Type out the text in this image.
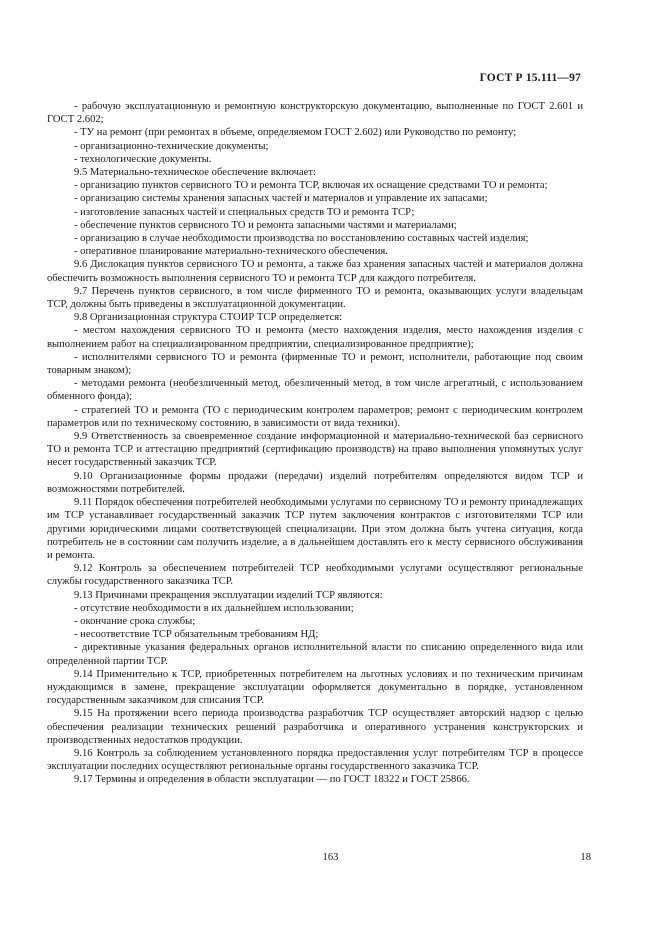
ГОСТ Р 15.111—97

- рабочую эксплуатационную и ремонтную конструкторскую документацию, выполненные по ГОСТ 2.601 и ГОСТ 2.602;

- ТУ на ремонт (при ремонтах в объеме, определяемом ГОСТ 2.602) или Руководство по ремонту;

- организационно-технические документы;

- технологические документы.

9.5 Материально-техническое обеспечение включает:

- организацию пунктов сервисного ТО и ремонта ТСР, включая их оснащение средствами ТО и ремонта;

- организацию системы хранения запасных частей и материалов и управление их запасами;

- изготовление запасных частей и специальных средств ТО и ремонта ТСР;

- обеспечение пунктов сервисного ТО и ремонта запасными частями и материалами;

- организацию в случае необходимости производства по восстановлению составных частей изделия;

- оперативное планирование материально-технического обеспечения.

9.6 Дислокация пунктов сервисного ТО и ремонта, а также баз хранения запасных частей и материалов должна обеспечить возможность выполнения сервисного ТО и ремонта ТСР для каждого потребителя.

9.7 Перечень пунктов сервисного, в том числе фирменного ТО и ремонта, оказывающих услуги владельцам ТСР, должны быть приведены в эксплуатационной документации.

9.8 Организационная структура СТОИР ТСР определяется:

- местом нахождения сервисного ТО и ремонта (место нахождения изделия, место нахождения изделия с выполнением работ на специализированном предприятии, специализированное предприятие);

- исполнителями сервисного ТО и ремонта (фирменные ТО и ремонт, исполнители, работающие под своим товарным знаком);

- методами ремонта (необезличенный метод, обезличенный метод, в том числе агрегатный, с использованием обменного фонда);

- стратегией ТО и ремонта (ТО с периодическим контролем параметров; ремонт с периодическим контролем параметров или по техническому состоянию, в зависимости от вида техники).

9.9 Ответственность за своевременное создание информационной и материально-технической баз сервисного ТО и ремонта ТСР и аттестацию предприятий (сертификацию производств) на право выполнения упомянутых услуг несет государственный заказчик ТСР.

9.10 Организационные формы продажи (передачи) изделий потребителям определяются видом ТСР и возможностями потребителей.

9.11 Порядок обеспечения потребителей необходимыми услугами по сервисному ТО и ремонту принадлежащих им ТСР устанавливает государственный заказчик ТСР путем заключения контрактов с изготовителями ТСР или другими юридическими лицами соответствующей специализации. При этом должна быть учтена ситуация, когда потребитель не в состоянии сам получить изделие, а в дальнейшем доставлять его к месту сервисного обслуживания и ремонта.

9.12 Контроль за обеспечением потребителей ТСР необходимыми услугами осуществляют региональные службы государственного заказчика ТСР.

9.13 Причинами прекращения эксплуатации изделий ТСР являются:

- отсутствие необходимости в их дальнейшем использовании;

- окончание срока службы;

- несоответствие ТСР обязательным требованиям НД;

- директивные указания федеральных органов исполнительной власти по списанию определенного вида или определенной партии ТСР.

9.14 Применительно к ТСР, приобретенных потребителем на льготных условиях и по техническим причинам нуждающимся в замене, прекращение эксплуатации оформляется документально в порядке, установленном государственным заказчиком для списания ТСР.

9.15 На протяжении всего периода производства разработчик ТСР осуществляет авторский надзор с целью обеспечения реализации технических решений разработчика и оперативного устранения конструкторских и производственных недостатков продукции.

9.16 Контроль за соблюдением установленного порядка предоставления услуг потребителям ТСР в процессе эксплуатации последних осуществляют региональные органы государственного заказчика ТСР.

9.17 Термины и определения в области эксплуатации — по ГОСТ 18322 и ГОСТ 25866.

163	18
